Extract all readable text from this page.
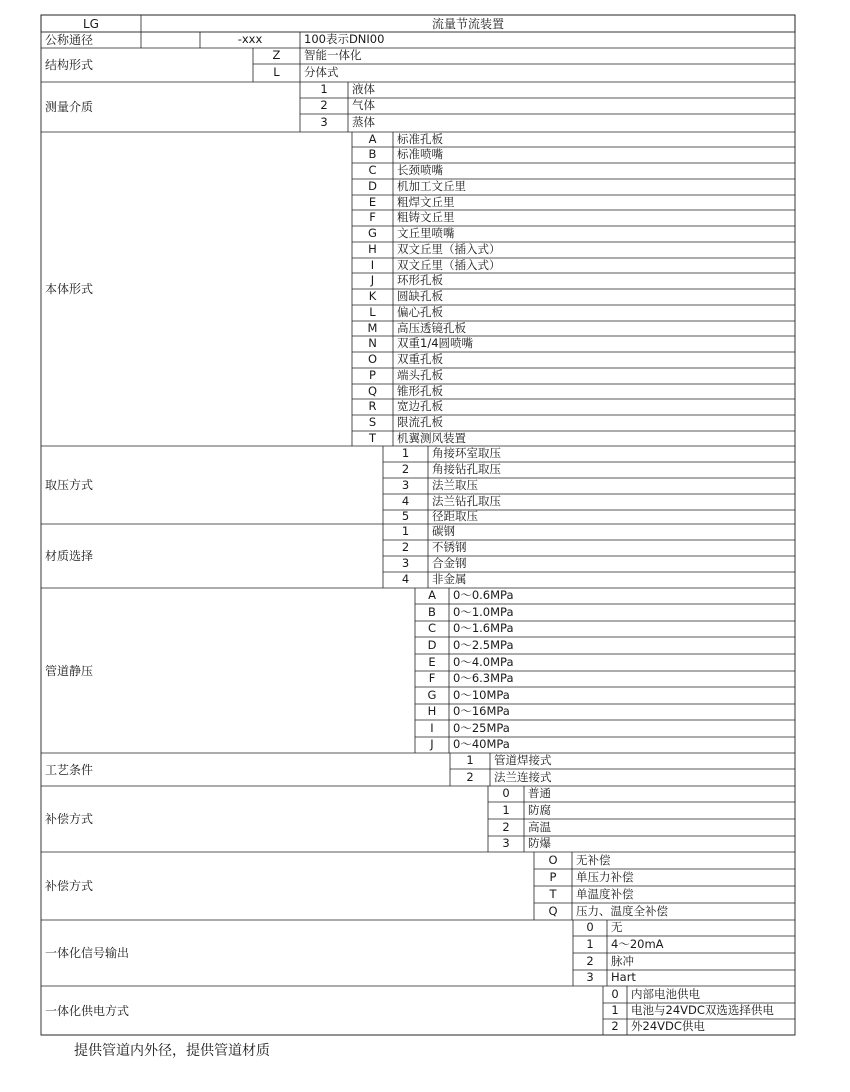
LG	流量节流装置
公称通径	-xxx	100表示DNI00
结构形式
Z	智能一体化
L	分体式
测量介质
1	液体
2	气体
3	蒸体
本体形式
A	标准孔板
B	标准喷嘴
C	长颈喷嘴
D	机加工文丘里
E	粗焊文丘里
F	粗铸文丘里
G	文丘里喷嘴
H	双文丘里（插入式）
I	双文丘里（插入式）
J	环形孔板
K	圆缺孔板
L	偏心孔板
M	高压透镜孔板
N	双重1/4圆喷嘴
O	双重孔板
P	端头孔板
Q	锥形孔板
R	宽边孔板
S	限流孔板
T	机翼测风装置
取压方式
1	角接环室取压
2	角接钻孔取压
3	法兰取压
4	法兰钻孔取压
5	径距取压
材质选择
1	碳钢
2	不锈钢
3	合金钢
4	非金属
管道静压
A	0～0.6MPa
B	0～1.0MPa
C	0～1.6MPa
D	0～2.5MPa
E	0～4.0MPa
F	0～6.3MPa
G	0～10MPa
H	0～16MPa
I	0～25MPa
J	0～40MPa
工艺条件
1	管道焊接式
2	法兰连接式
补偿方式
0	普通
1	防腐
2	高温
3	防爆
补偿方式
O	无补偿
P	单压力补偿
T	单温度补偿
Q	压力、温度全补偿
一体化信号输出
0	无
1	4～20mA
2	脉冲
3	Hart
一体化供电方式
0	内部电池供电
1	电池与24VDC双选选择供电
2	外24VDC供电
提供管道内外径，提供管道材质
